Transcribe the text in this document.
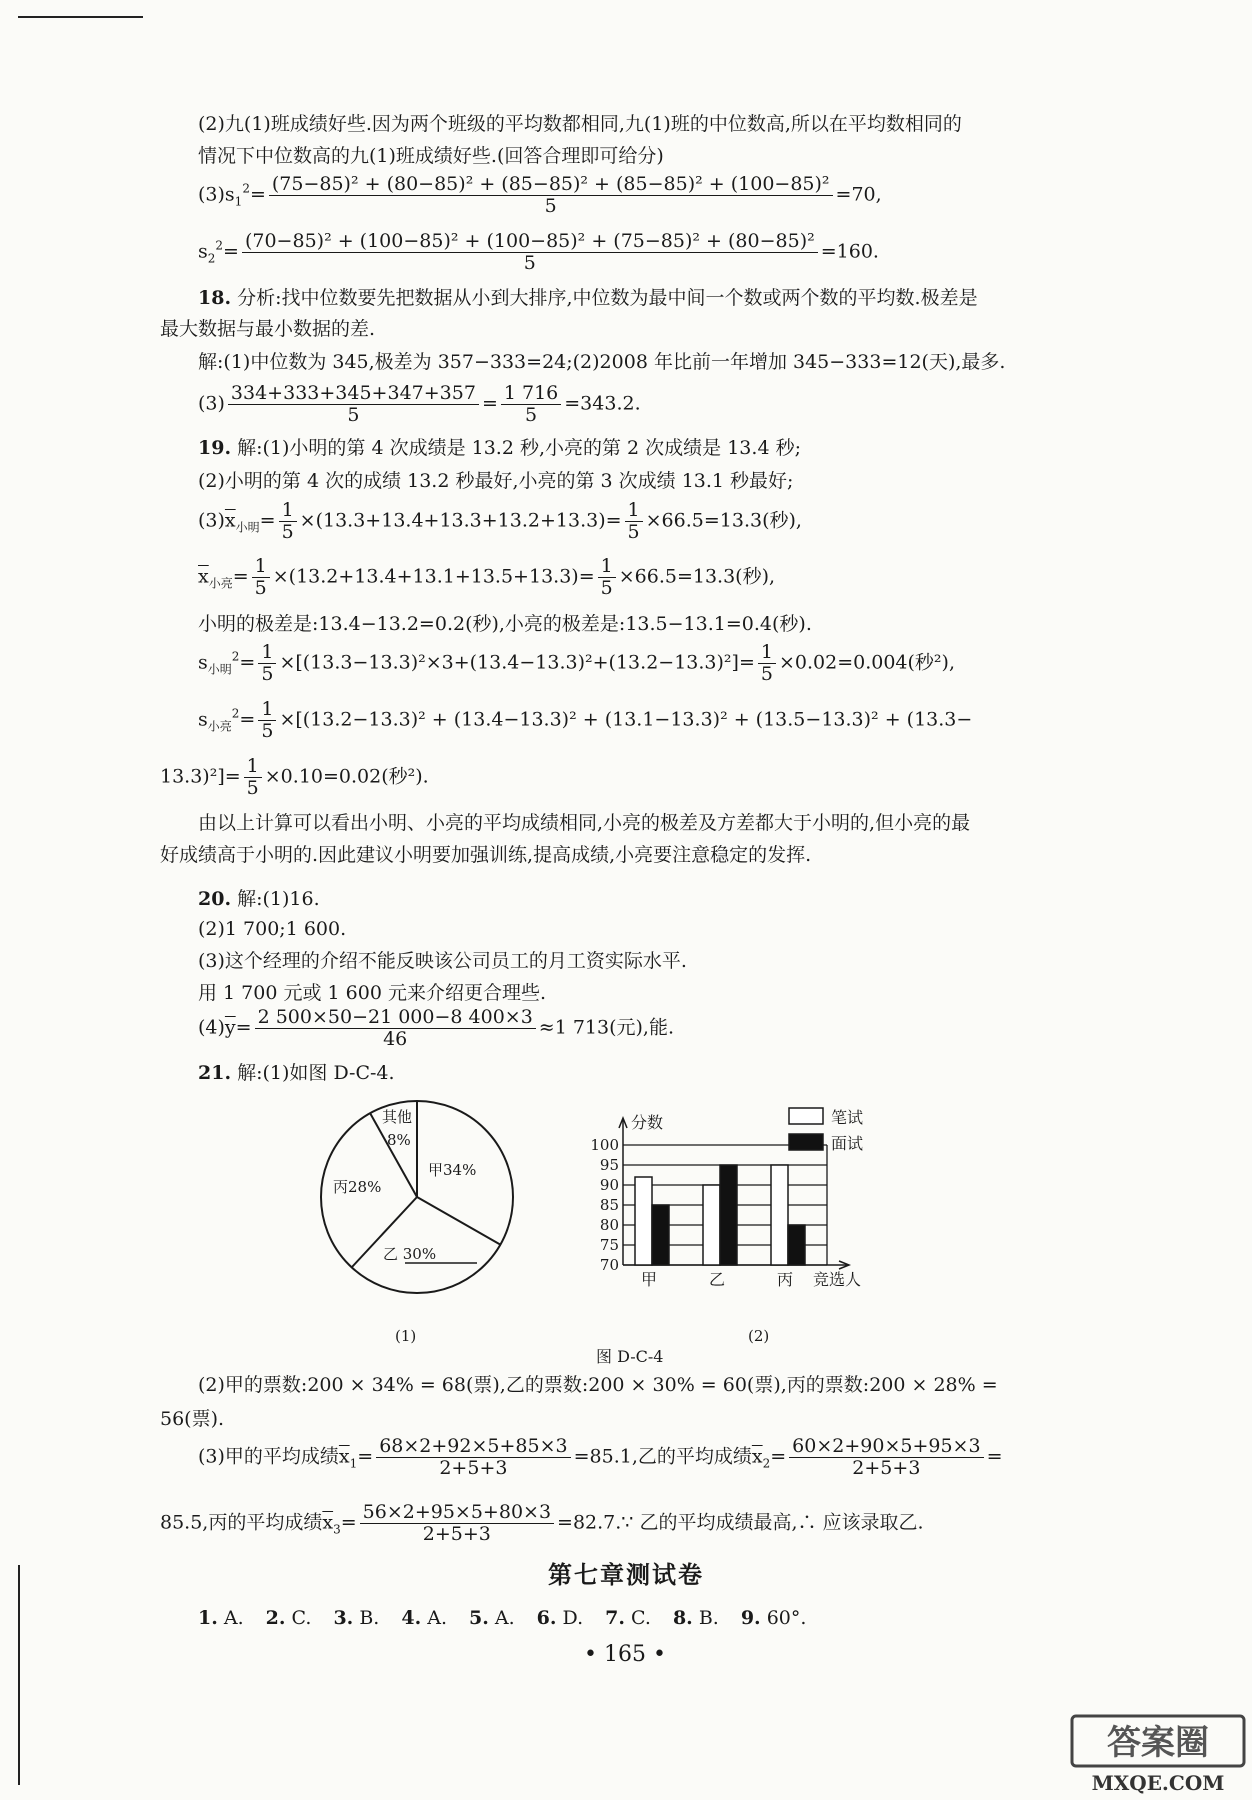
(2)九(1)班成绩好些.因为两个班级的平均数都相同,九(1)班的中位数高,所以在平均数相同的
情况下中位数高的九(1)班成绩好些.(回答合理即可给分)
$(3)s_1^2= \frac{\text{(75−85)² + (80−85)² + (85−85)² + (85−85)² + (100−85)²}}{5} =70$,
$s_2^2= \frac{\text{(70−85)² + (100−85)² + (100−85)² + (75−85)² + (80−85)²}}{5} =160$.
18. 分析:找中位数要先把数据从小到大排序,中位数为最中间一个数或两个数的平均数.极差是
最大数据与最小数据的差.
解:(1)中位数为 345,极差为 357−333=24;(2)2008 年比前一年增加 345−333=12(天),最多.
$(3) \frac{334+333+345+347+357}{5} = \frac{1 716}{5} =343.2$.
19. 解:(1)小明的第 4 次成绩是 13.2 秒,小亮的第 2 次成绩是 13.4 秒;
(2)小明的第 4 次的成绩 13.2 秒最好,小亮的第 3 次成绩 13.1 秒最好;
$(3)\overline{x}_{小明}= \frac{1}{5} \times(13.3+13.4+13.3+13.2+13.3)= \frac{1}{5} \times 66.5=13.3$(秒),
$\overline{x}_{小亮}= \frac{1}{5} \times(13.2+13.4+13.1+13.5+13.3)= \frac{1}{5} \times 66.5=13.3$(秒),
小明的极差是:13.4−13.2=0.2(秒),小亮的极差是:13.5−13.1=0.4(秒).
$s_{小明}^2= \frac{1}{5} \times[(13.3-13.3)^2\times 3+(13.4-13.3)^2+(13.2-13.3)^2]= \frac{1}{5} \times 0.02=0.004$(秒²),
$s_{小亮}^2= \frac{1}{5} \times[(13.2-13.3)^2 + (13.4-13.3)^2 + (13.1-13.3)^2 + (13.5-13.3)^2 + (13.3-$
$13.3)^2]= \frac{1}{5} \times 0.10=0.02$(秒²).
由以上计算可以看出小明、小亮的平均成绩相同,小亮的极差及方差都大于小明的,但小亮的最
好成绩高于小明的.因此建议小明要加强训练,提高成绩,小亮要注意稳定的发挥.
20. 解:(1)16.
(2)1 700;1 600.
(3)这个经理的介绍不能反映该公司员工的月工资实际水平.
用 1 700 元或 1 600 元来介绍更合理些.
$(4)\overline{y}= \frac{2 500\times 50-21 000-8 400\times 3}{46} \approx 1$ 713(元),能.
21. 解:(1)如图 D-C-4.
甲34%
乙 30%
丙28%
其他
8%
(1)
70
75
80
85
90
95
100
分数
甲	乙	丙 竞选人
笔试
面试
(2)
图 D-C-4
(2)甲的票数:200 × 34% = 68(票),乙的票数:200 × 30% = 60(票),丙的票数:200 × 28% =
56(票).
(3)甲的平均成绩$\overline{x}_1= \frac{68\times 2+92\times 5+85\times 3}{2+5+3} =85.1$,乙的平均成绩$\overline{x}_2= \frac{60\times 2+90\times 5+95\times 3}{2+5+3}$ =
85.5,丙的平均成绩$\overline{x}_3= \frac{56\times 2+95\times 5+80\times 3}{2+5+3}$ =82.7.∵ 乙的平均成绩最高,∴ 应该录取乙.
第七章测试卷
1. A. 2. C. 3. B. 4. A. 5. A. 6. D. 7. C. 8. B. 9. 60°.
• 165 •
答案圈
MXQE.COM
